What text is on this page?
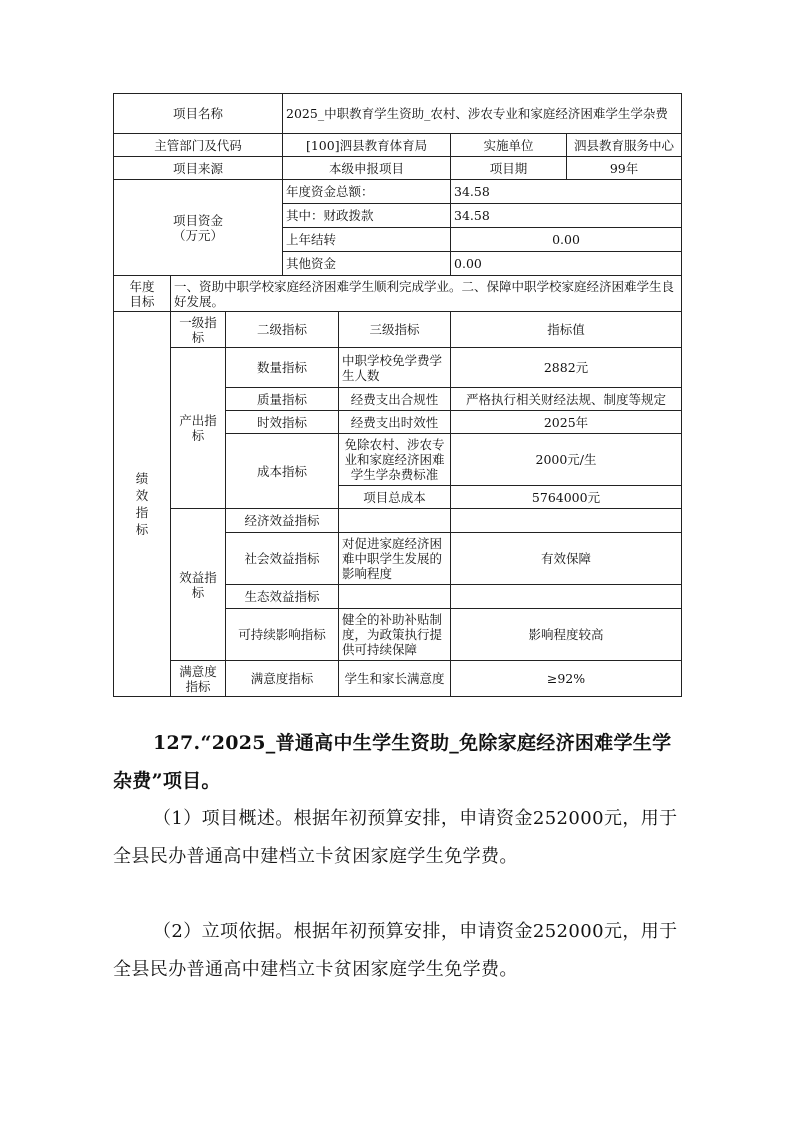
项目名称			2025_中职教育学生资助_农村、涉农专业和家庭经济困难学生学杂费			
主管部门及代码			[100]泗县教育体育局		实施单位	泗县教育服务中心
项目来源			本级申报项目		项目期	99年

项目资金
（万元）			年度资金总额：		34.58	
			其中：财政拨款		34.58	
			上年结转		0.00	
			其他资金		0.00	

年度
目标	一、资助中职学校家庭经济困难学生顺利完成学业。二、保障中职学校家庭经济困难学生良好发展。					
绩效指标	一级指标	二级指标		三级指标	指标值	
	产出指标	数量指标		中职学校免学费学生人数	2882元	
		质量指标		经费支出合规性	严格执行相关财经法规、制度等规定	
		时效指标		经费支出时效性	2025年	
		成本指标		免除农村、涉农专业和家庭经济困难学生学杂费标准	2000元/生	
				项目总成本	5764000元	
	效益指标	经济效益指标				
		社会效益指标		对促进家庭经济困难中职学生发展的影响程度	有效保障	
		生态效益指标				
		可持续影响指标		健全的补助补贴制度，为政策执行提供可持续保障	影响程度较高	
	满意度指标	满意度指标		学生和家长满意度	≥92%	
127.“2025_普通高中生学生资助_免除家庭经济困难学生学杂费”项目。
（1）项目概述。根据年初预算安排，申请资金252000元，用于全县民办普通高中建档立卡贫困家庭学生免学费。
（2）立项依据。根据年初预算安排，申请资金252000元，用于全县民办普通高中建档立卡贫困家庭学生免学费。
